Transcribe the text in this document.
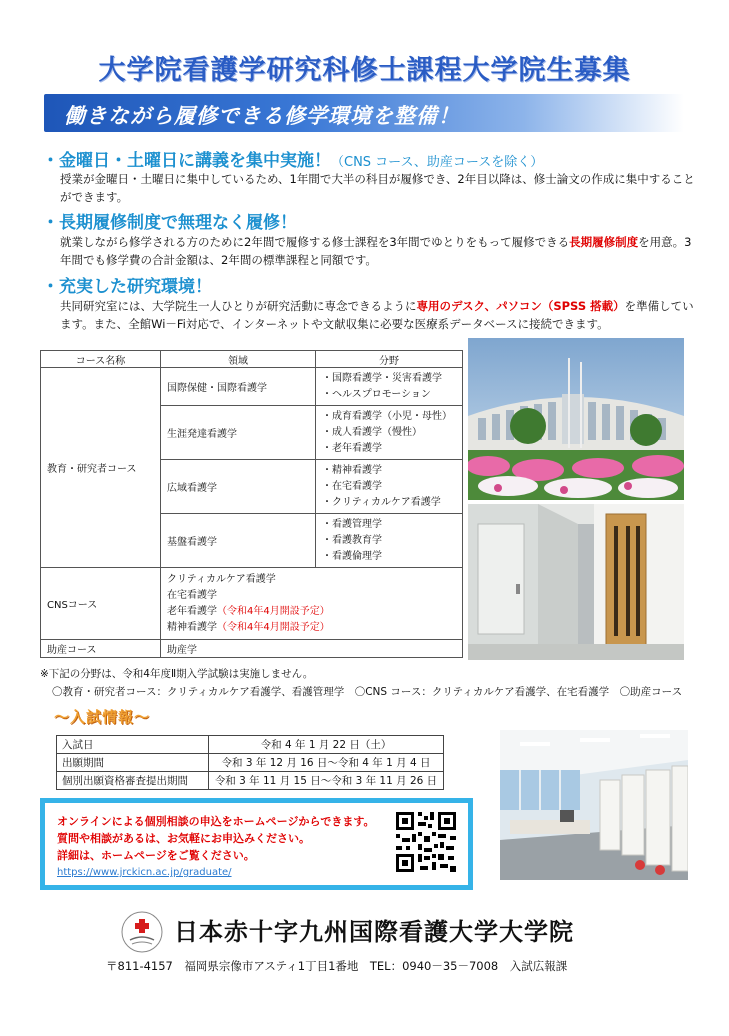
大学院看護学研究科修士課程大学院生募集
働きながら履修できる修学環境を整備！
・金曜日・土曜日に講義を集中実施！（CNS コース、助産コースを除く）
授業が金曜日・土曜日に集中しているため、1年間で大半の科目が履修でき、2年目以降は、修士論文の作成に集中することができます。
・長期履修制度で無理なく履修！
就業しながら修学される方のために2年間で履修する修士課程を3年間でゆとりをもって履修できる長期履修制度を用意。3年間でも修学費の合計金額は、2年間の標準課程と同額です。
・充実した研究環境！
共同研究室には、大学院生一人ひとりが研究活動に専念できるように専用のデスク、パソコン（SPSS 搭載）を準備しています。また、全館Wi－Fi対応で、インターネットや文献収集に必要な医療系データベースに接続できます。
コース名称	領域	分野
教育・研究者コース	国際保健・国際看護学	・国際看護学・災害看護学
・ヘルスプロモーション

	生涯発達看護学	・成育看護学（小児・母性）
・成人看護学（慢性）
・老年看護学

	広域看護学	・精神看護学
・在宅看護学
・クリティカルケア看護学

	基盤看護学	・看護管理学
・看護教育学
・看護倫理学

CNSコース	クリティカルケア看護学
在宅看護学
老年看護学（令和4年4月開設予定）
精神看護学（令和4年4月開設予定）	

助産コース	助産学	
※下記の分野は、令和4年度Ⅱ期入学試験は実施しません。
〇教育・研究者コース：クリティカルケア看護学、看護管理学　〇CNS コース：クリティカルケア看護学、在宅看護学　〇助産コース
～入試情報～
入試日	令和 4 年 1 月 22 日（土）
出願期間	令和 3 年 12 月 16 日～令和 4 年 1 月 4 日
個別出願資格審査提出期間	令和 3 年 11 月 15 日～令和 3 年 11 月 26 日
オンラインによる個別相談の申込をホームページからできます。
質問や相談があるは、お気軽にお申込みください。
詳細は、ホームページをご覧ください。
https://www.jrckicn.ac.jp/graduate/
日本赤十字九州国際看護大学大学院
〒811-4157　福岡県宗像市アスティ1丁目1番地　TEL：0940－35－7008　入試広報課
